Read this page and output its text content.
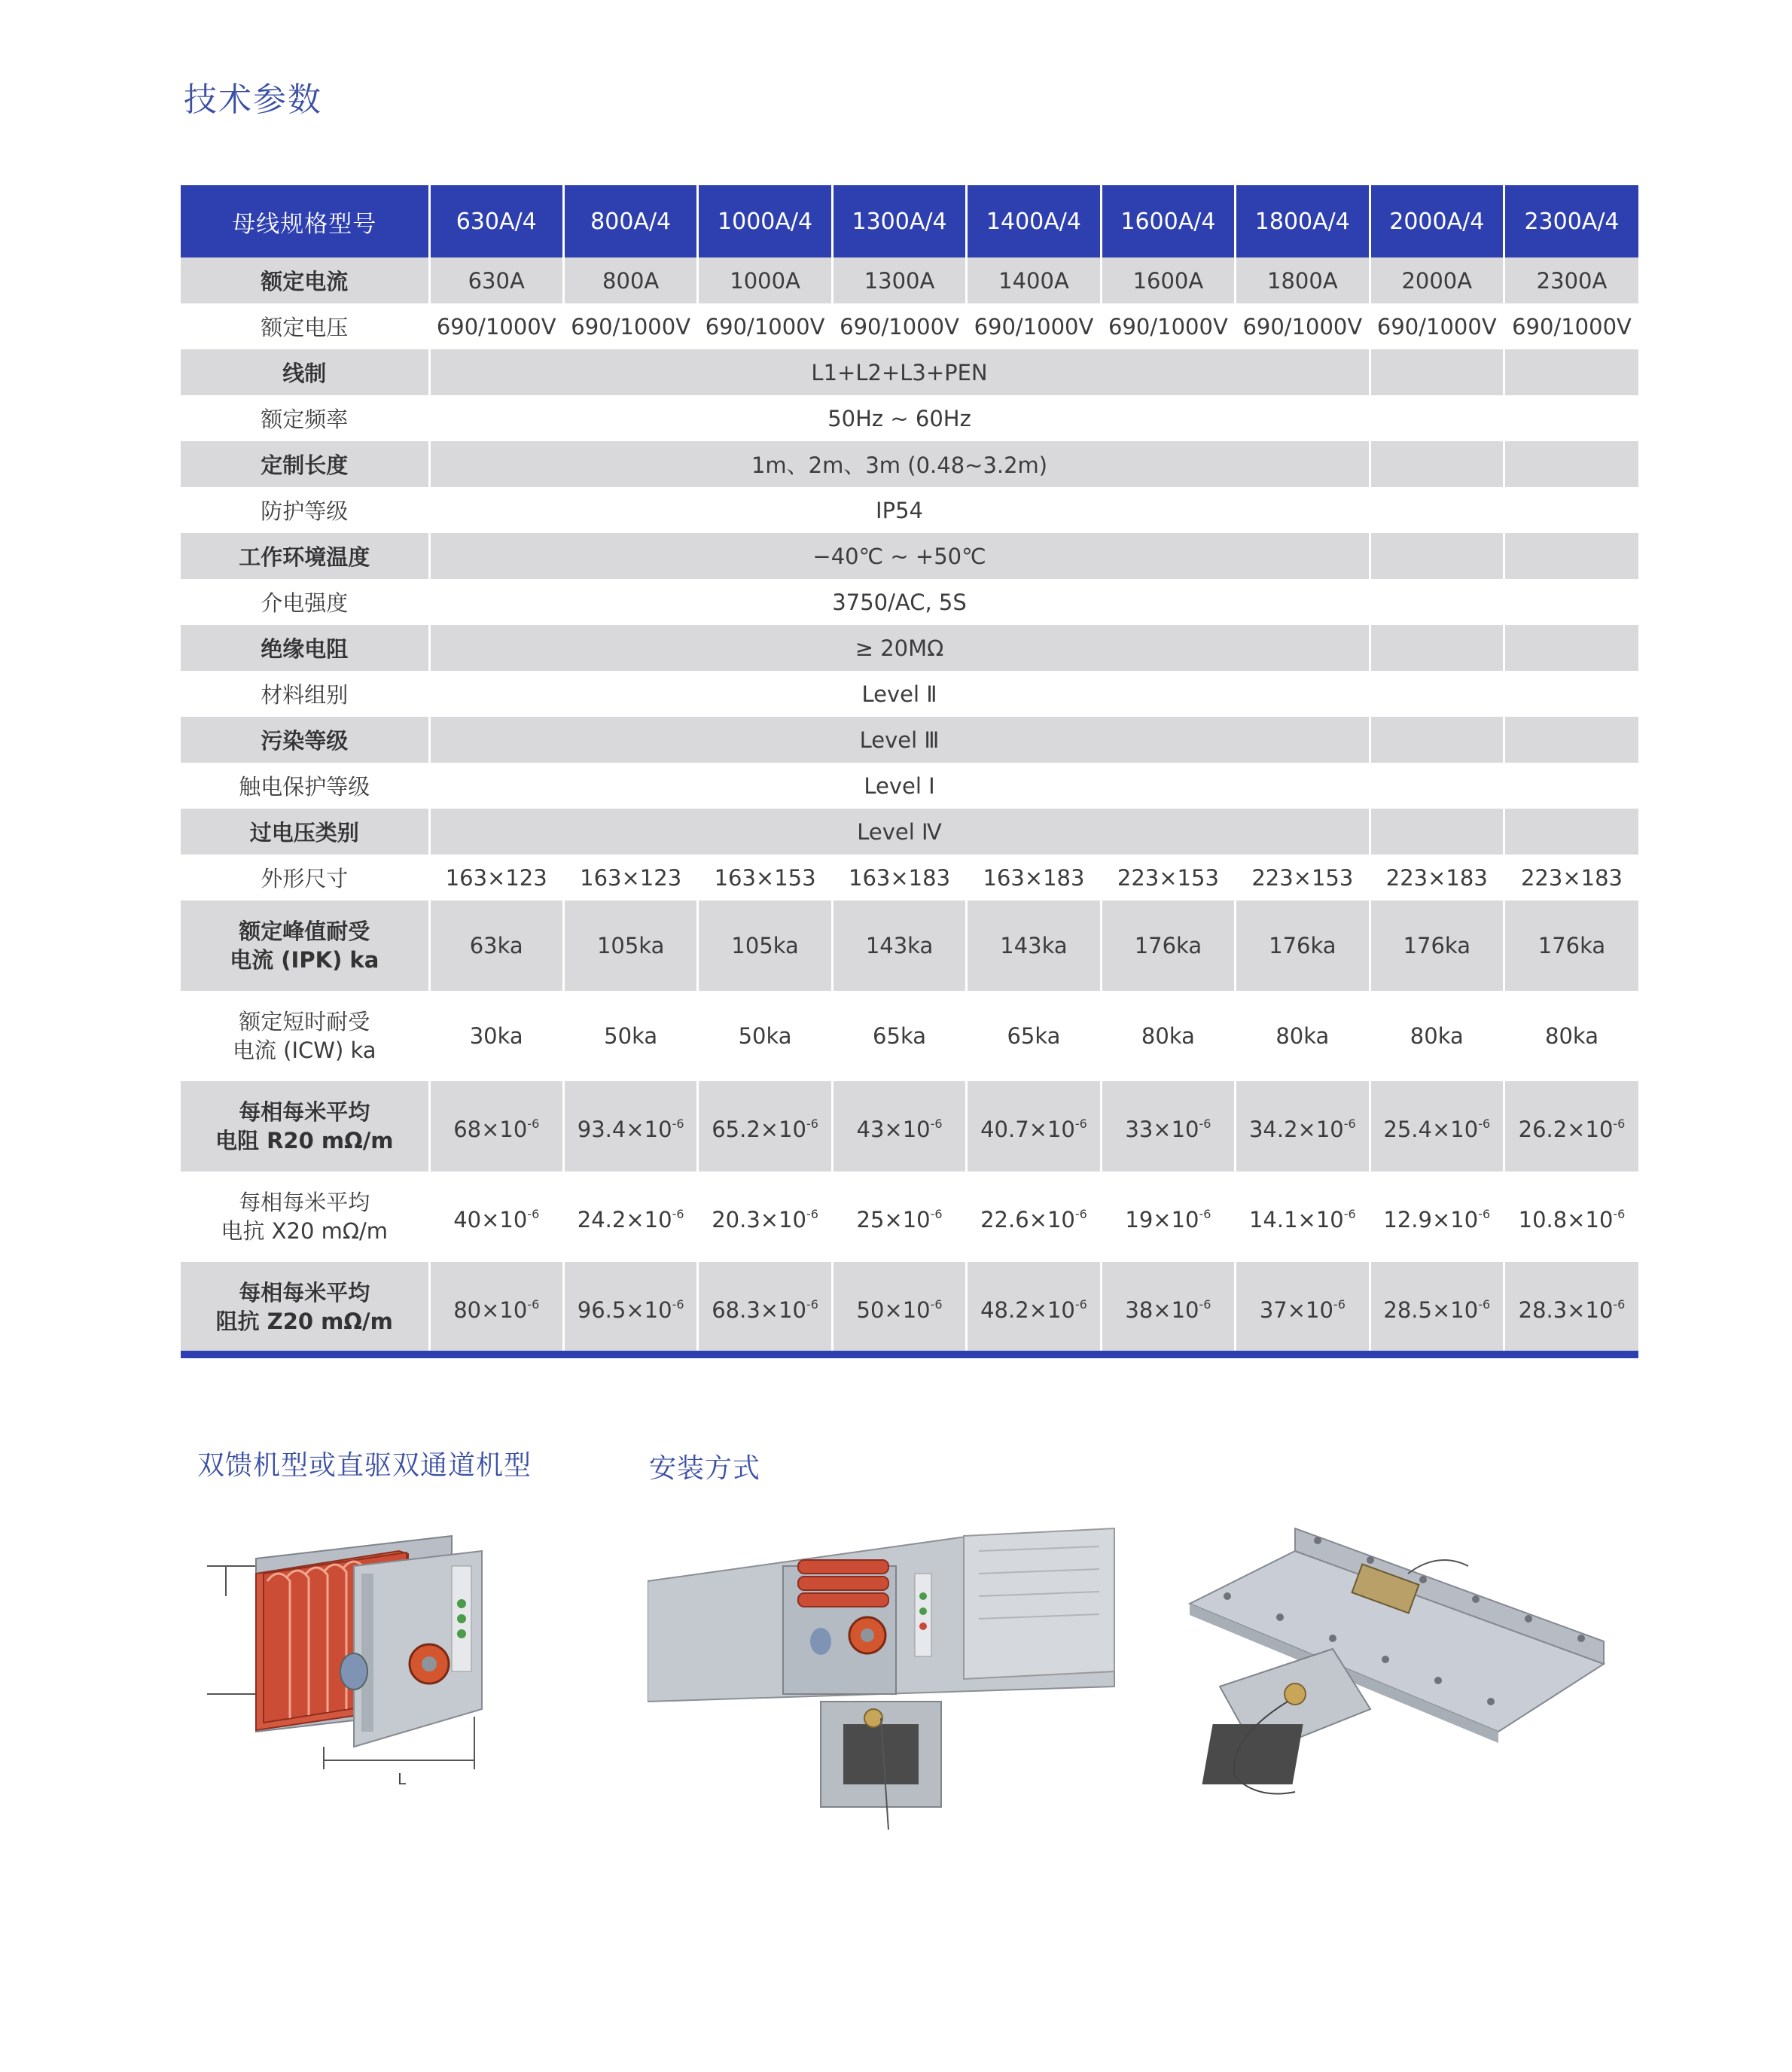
技术参数
母线规格型号	630A/4	800A/4	1000A/4	1300A/4	1400A/4	1600A/4	1800A/4	2000A/4	2300A/4
额定电流	630A	800A	1000A	1300A	1400A	1600A	1800A	2000A	2300A
额定电压	690/1000V	690/1000V	690/1000V	690/1000V	690/1000V	690/1000V	690/1000V	690/1000V	690/1000V
线制	L1+L2+L3+PEN								
额定频率	50Hz ~ 60Hz								
定制长度	1m、2m、3m (0.48~3.2m)								
防护等级	IP54								
工作环境温度	−40℃ ~ +50℃								
介电强度	3750/AC, 5S								
绝缘电阻	≥ 20MΩ								
材料组别	Level Ⅱ								
污染等级	Level Ⅲ								
触电保护等级	Level Ⅰ								
过电压类别	Level Ⅳ								
外形尺寸	163×123	163×123	163×153	163×183	163×183	223×153	223×153	223×183	223×183
额定峰值耐受
电流 (IPK) ka	63ka	105ka	105ka	143ka	143ka	176ka	176ka	176ka	176ka
额定短时耐受
电流 (ICW) ka	30ka	50ka	50ka	65ka	65ka	80ka	80ka	80ka	80ka
每相每米平均
电阻 R20 mΩ/m	$68\times 10^{-6}$	$93.4\times 10^{-6}$	$65.2\times 10^{-6}$	$43\times 10^{-6}$	$40.7\times 10^{-6}$	$33\times 10^{-6}$	$34.2\times 10^{-6}$	$25.4\times 10^{-6}$	$26.2\times 10^{-6}$
每相每米平均
电抗 X20 mΩ/m	$40\times 10^{-6}$	$24.2\times 10^{-6}$	$20.3\times 10^{-6}$	$25\times 10^{-6}$	$22.6\times 10^{-6}$	$19\times 10^{-6}$	$14.1\times 10^{-6}$	$12.9\times 10^{-6}$	$10.8\times 10^{-6}$
每相每米平均
阻抗 Z20 mΩ/m	$80\times 10^{-6}$	$96.5\times 10^{-6}$	$68.3\times 10^{-6}$	$50\times 10^{-6}$	$48.2\times 10^{-6}$	$38\times 10^{-6}$	$37\times 10^{-6}$	$28.5\times 10^{-6}$	$28.3\times 10^{-6}$
双馈机型或直驱双通道机型	安装方式
L
